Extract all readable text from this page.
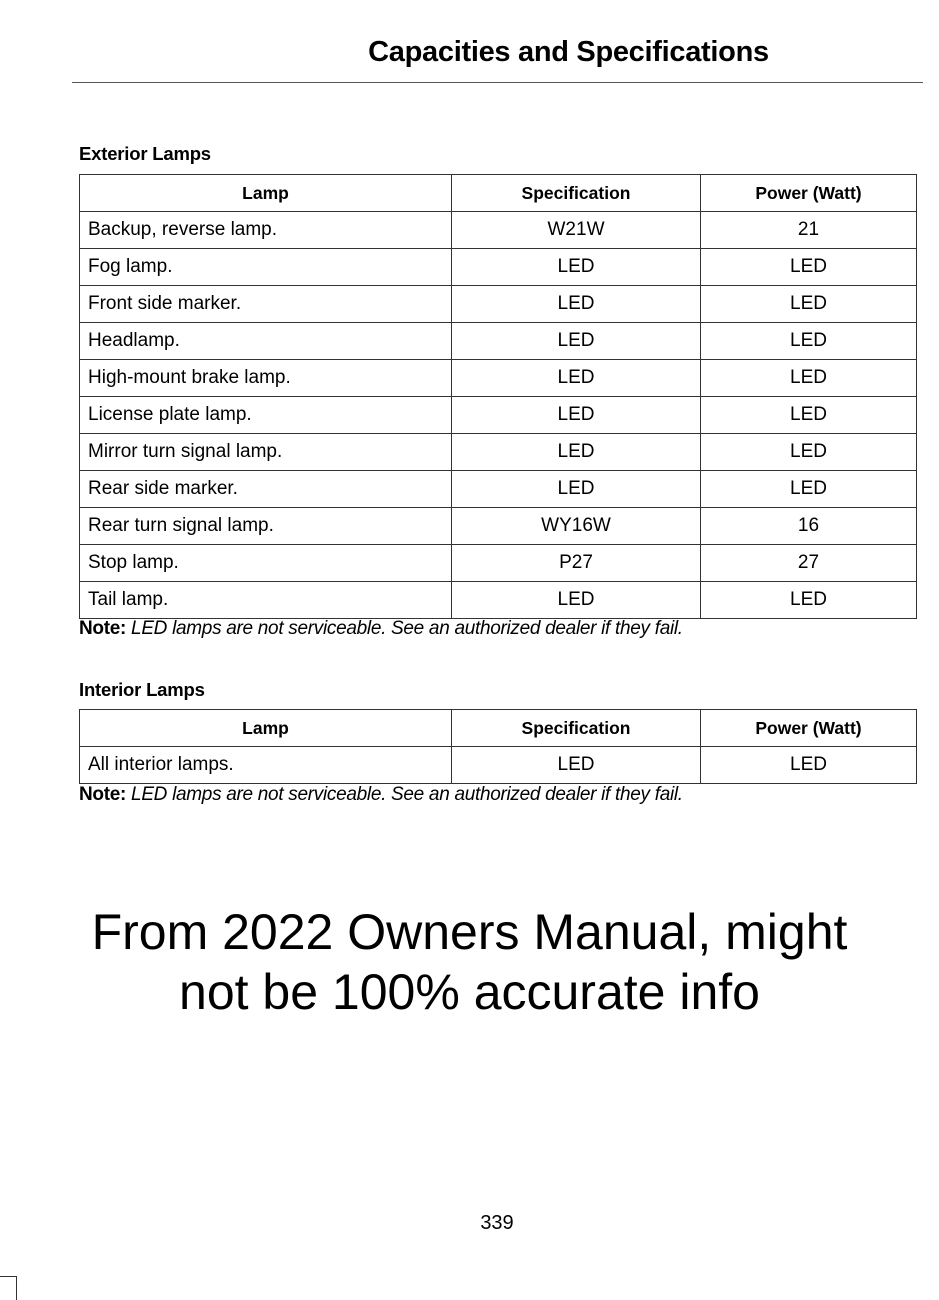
Capacities and Specifications
Exterior Lamps
Lamp	Specification	Power (Watt)
Backup, reverse lamp.	W21W	21
Fog lamp.	LED	LED
Front side marker.	LED	LED
Headlamp.	LED	LED
High-mount brake lamp.	LED	LED
License plate lamp.	LED	LED
Mirror turn signal lamp.	LED	LED
Rear side marker.	LED	LED
Rear turn signal lamp.	WY16W	16
Stop lamp.	P27	27
Tail lamp.	LED	LED
Note: LED lamps are not serviceable. See an authorized dealer if they fail.
Interior Lamps
Lamp	Specification	Power (Watt)
All interior lamps.	LED	LED
Note: LED lamps are not serviceable. See an authorized dealer if they fail.
From 2022 Owners Manual, might
not be 100% accurate info
339
